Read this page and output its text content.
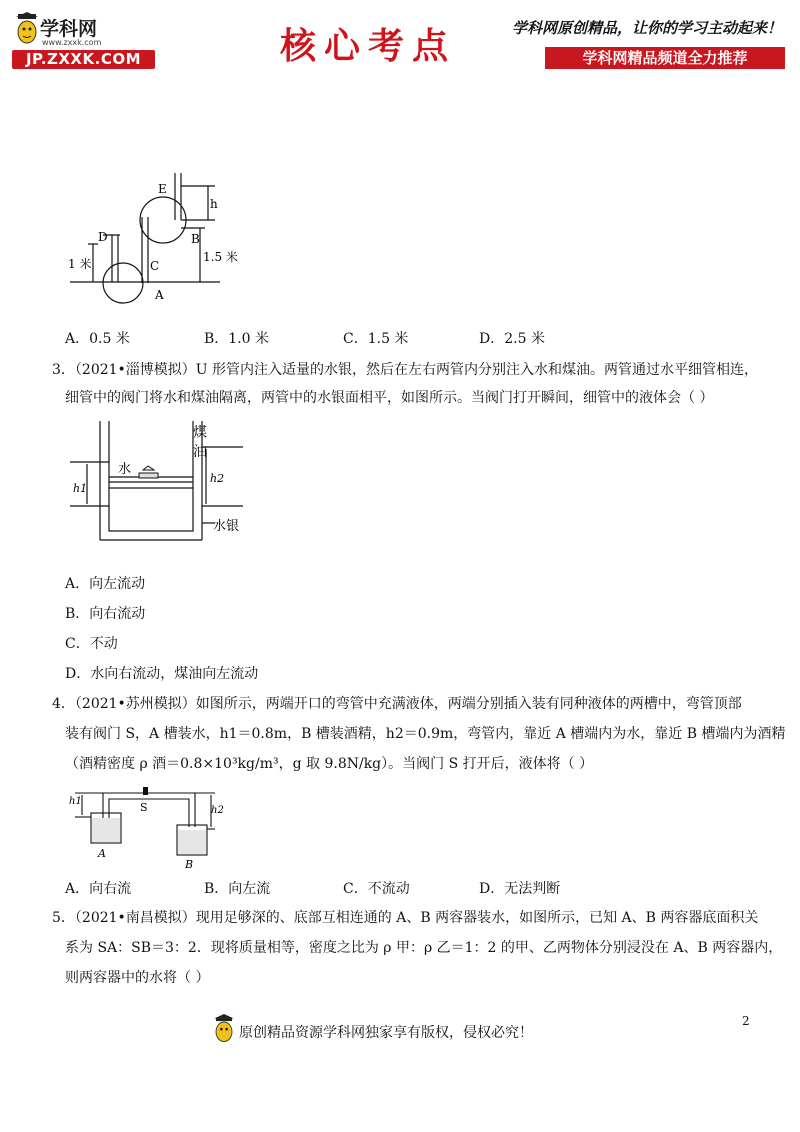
学科网
www.zxxk.com
JP.ZXXK.COM	核心考点	学科网原创精品，让你的学习主动起来！
学科网精品频道全力推荐
E
h
D	B
C
A
1 米	1.5 米
A．0.5 米	B．1.0 米	C．1.5 米	D．2.5 米
3．（2021•淄博模拟）U 形管内注入适量的水银，然后在左右两管内分别注入水和煤油。两管通过水平细管相连，
细管中的阀门将水和煤油隔离，两管中的水银面相平，如图所示。当阀门打开瞬间，细管中的液体会（ ）
煤
油
水
h1
h2
水银
A．向左流动
B．向右流动
C．不动
D．水向右流动，煤油向左流动
4．（2021•苏州模拟）如图所示，两端开口的弯管中充满液体，两端分别插入装有同种液体的两槽中，弯管顶部
装有阀门 S，A 槽装水，h1＝0.8m，B 槽装酒精，h2＝0.9m，弯管内，靠近 A 槽端内为水，靠近 B 槽端内为酒精
（酒精密度 ρ 酒＝0.8×10³kg/m³，g 取 9.8N/kg）。当阀门 S 打开后，液体将（ ）
h1
h2
S
A
B
A．向右流	B．向左流	C．不流动	D．无法判断
5．（2021•南昌模拟）现用足够深的、底部互相连通的 A、B 两容器装水，如图所示，已知 A、B 两容器底面积关
系为 SA：SB＝3：2．现将质量相等，密度之比为 ρ 甲：ρ 乙＝1：2 的甲、乙两物体分别浸没在 A、B 两容器内，
则两容器中的水将（ ）
原创精品资源学科网独家享有版权，侵权必究！
2
